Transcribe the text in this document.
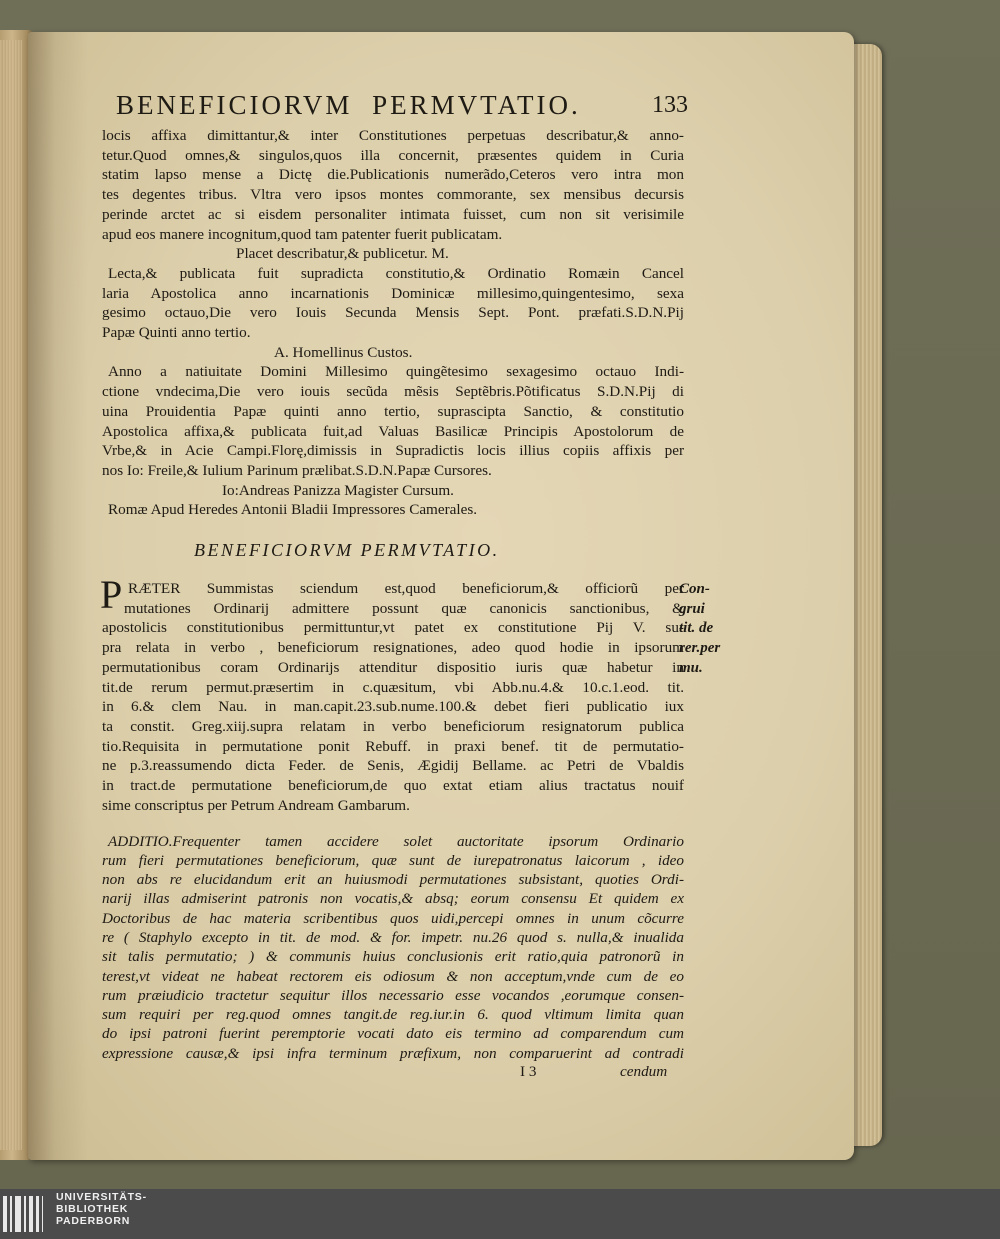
BENEFICIORVM PERMVTATIO.	133
locis affixa dimittantur,& inter Constitutiones perpetuas describatur,& anno-
tetur.Quod omnes,& singulos,quos illa concernit, præsentes quidem in Curia
statim lapso mense a Dictę die.Publicationis numerãdo,Ceteros vero intra mon
tes degentes tribus. Vltra vero ipsos montes commorante, sex mensibus decursis
perinde arctet ac si eisdem personaliter intimata fuisset, cum non sit verisimile
apud eos manere incognitum,quod tam patenter fuerit publicatam.
Placet describatur,& publicetur. M.
Lecta,& publicata fuit supradicta constitutio,& Ordinatio Romæin Cancel
laria Apostolica anno incarnationis Dominicæ millesimo,quingentesimo, sexa
gesimo octauo,Die vero Iouis Secunda Mensis Sept. Pont. præfati.S.D.N.Pij
Papæ Quinti anno tertio.
A. Homellinus Custos.
Anno a natiuitate Domini Millesimo quingẽtesimo sexagesimo octauo Indi-
ctione vndecima,Die vero iouis secũda mẽsis Septẽbris.Põtificatus S.D.N.Pij di
uina Prouidentia Papæ quinti anno tertio, suprascipta Sanctio, & constitutio
Apostolica affixa,& publicata fuit,ad Valuas Basilicæ Principis Apostolorum de
Vrbe,& in Acie Campi.Florę,dimissis in Supradictis locis illius copiis affixis per
nos Io: Freile,& Iulium Parinum prælibat.S.D.N.Papæ Cursores.
Io:Andreas Panizza Magister Cursum.
Romæ Apud Heredes Antonii Bladii Impressores Camerales.
BENEFICIORVM PERMVTATIO.
P RÆTER Summistas sciendum est,quod beneficiorum,& officiorũ per
mutationes Ordinarij admittere possunt quæ canonicis sanctionibus, &
apostolicis constitutionibus permittuntur,vt patet ex constitutione Pij V. su-
pra relata in verbo , beneficiorum resignationes, adeo quod hodie in ipsorum
permutationibus coram Ordinarijs attenditur dispositio iuris quæ habetur in
tit.de rerum permut.præsertim in c.quæsitum, vbi Abb.nu.4.& 10.c.1.eod. tit.
in 6.& clem Nau. in man.capit.23.sub.nume.100.& debet fieri publicatio iux
ta constit. Greg.xiij.supra relatam in verbo beneficiorum resignatorum publica
tio.Requisita in permutatione ponit Rebuff. in praxi benef. tit de permutatio-
ne p.3.reassumendo dicta Feder. de Senis, Ægidij Bellame. ac Petri de Vbaldis
in tract.de permutatione beneficiorum,de quo extat etiam alius tractatus nouif
sime conscriptus per Petrum Andream Gambarum.
ADDITIO.Frequenter tamen accidere solet auctoritate ipsorum Ordinario
rum fieri permutationes beneficiorum, quæ sunt de iurepatronatus laicorum , ideo
non abs re elucidandum erit an huiusmodi permutationes subsistant, quoties Ordi-
narij illas admiserint patronis non vocatis,& absq; eorum consensu Et quidem ex
Doctoribus de hac materia scribentibus quos uidi,percepi omnes in unum cõcurre
re ( Staphylo excepto in tit. de mod. & for. impetr. nu.26 quod s. nulla,& inualida
sit talis permutatio; ) & communis huius conclusionis erit ratio,quia patronorũ in
terest,vt videat ne habeat rectorem eis odiosum & non acceptum,vnde cum de eo
rum præiudicio tractetur sequitur illos necessario esse vocandos ,eorumque consen-
sum requiri per reg.quod omnes tangit.de reg.iur.in 6. quod vltimum limita quan
do ipsi patroni fuerint peremptorie vocati dato eis termino ad comparendum cum
expressione causæ,& ipsi infra terminum præfixum, non comparuerint ad contradi
I 3	cendum
Con-
grui
tit. de
rer.per
mu.
UNIVERSITÄTS-
BIBLIOTHEK
PADERBORN
